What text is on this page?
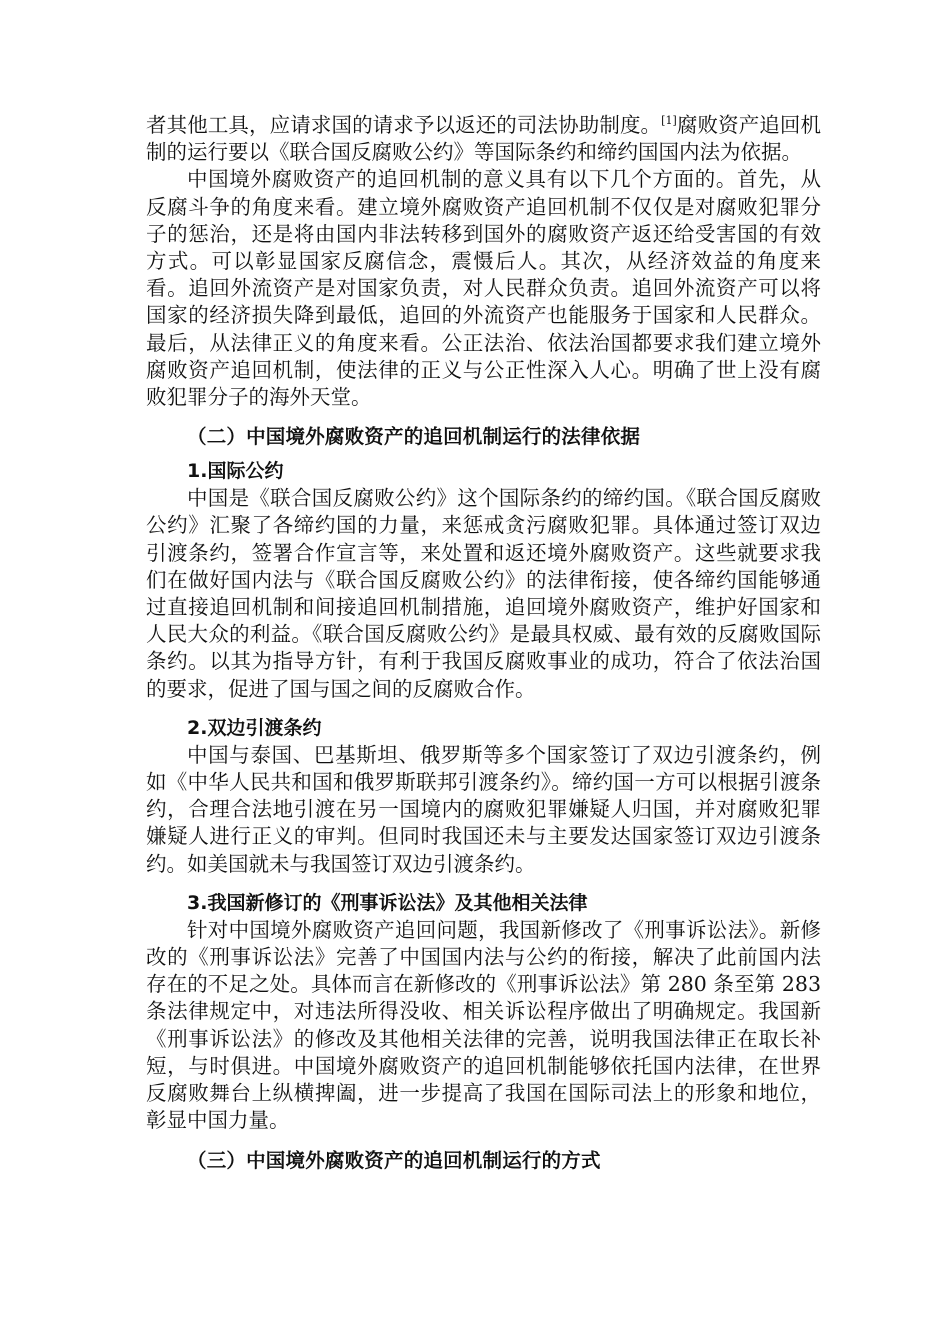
者其他工具，应请求国的请求予以返还的司法协助制度。[1]腐败资产追回机制的运行要以《联合国反腐败公约》等国际条约和缔约国国内法为依据。

中国境外腐败资产的追回机制的意义具有以下几个方面的。首先，从反腐斗争的角度来看。建立境外腐败资产追回机制不仅仅是对腐败犯罪分子的惩治，还是将由国内非法转移到国外的腐败资产返还给受害国的有效方式。可以彰显国家反腐信念，震慑后人。其次，从经济效益的角度来看。追回外流资产是对国家负责，对人民群众负责。追回外流资产可以将国家的经济损失降到最低，追回的外流资产也能服务于国家和人民群众。最后，从法律正义的角度来看。公正法治、依法治国都要求我们建立境外腐败资产追回机制，使法律的正义与公正性深入人心。明确了世上没有腐败犯罪分子的海外天堂。

（二）中国境外腐败资产的追回机制运行的法律依据

1.国际公约

中国是《联合国反腐败公约》这个国际条约的缔约国。《联合国反腐败公约》汇聚了各缔约国的力量，来惩戒贪污腐败犯罪。具体通过签订双边引渡条约，签署合作宣言等，来处置和返还境外腐败资产。这些就要求我们在做好国内法与《联合国反腐败公约》的法律衔接，使各缔约国能够通过直接追回机制和间接追回机制措施，追回境外腐败资产，维护好国家和人民大众的利益。《联合国反腐败公约》是最具权威、最有效的反腐败国际条约。以其为指导方针，有利于我国反腐败事业的成功，符合了依法治国的要求，促进了国与国之间的反腐败合作。

2.双边引渡条约

中国与泰国、巴基斯坦、俄罗斯等多个国家签订了双边引渡条约，例如《中华人民共和国和俄罗斯联邦引渡条约》。缔约国一方可以根据引渡条约，合理合法地引渡在另一国境内的腐败犯罪嫌疑人归国，并对腐败犯罪嫌疑人进行正义的审判。但同时我国还未与主要发达国家签订双边引渡条约。如美国就未与我国签订双边引渡条约。

3.我国新修订的《刑事诉讼法》及其他相关法律

针对中国境外腐败资产追回问题，我国新修改了《刑事诉讼法》。新修改的《刑事诉讼法》完善了中国国内法与公约的衔接，解决了此前国内法存在的不足之处。具体而言在新修改的《刑事诉讼法》第 280 条至第 283 条法律规定中，对违法所得没收、相关诉讼程序做出了明确规定。我国新《刑事诉讼法》的修改及其他相关法律的完善，说明我国法律正在取长补短，与时俱进。中国境外腐败资产的追回机制能够依托国内法律，在世界反腐败舞台上纵横捭阖，进一步提高了我国在国际司法上的形象和地位，彰显中国力量。

（三）中国境外腐败资产的追回机制运行的方式
